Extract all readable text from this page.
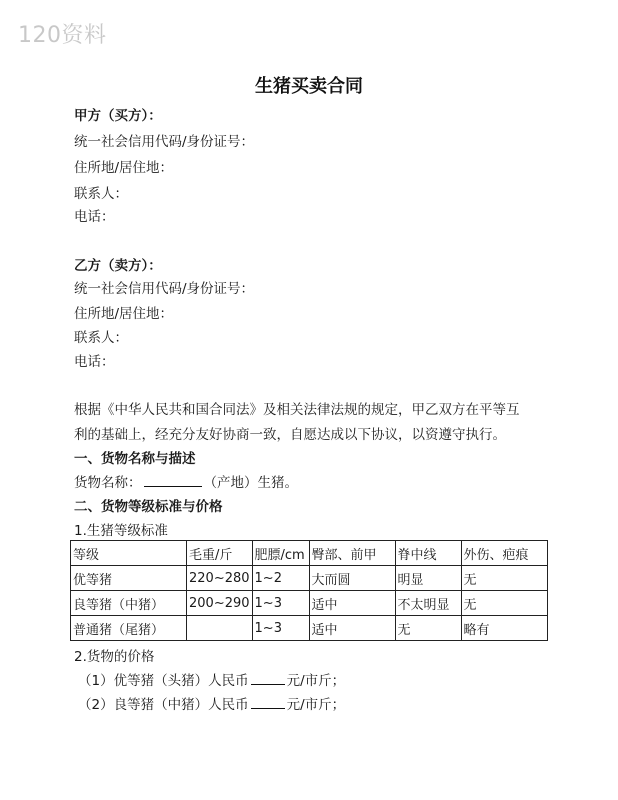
120资料
生猪买卖合同
甲方（买方）：
统一社会信用代码/身份证号：
住所地/居住地：
联系人：
电话：
乙方（卖方）：
统一社会信用代码/身份证号：
住所地/居住地：
联系人：
电话：
根据《中华人民共和国合同法》及相关法律法规的规定，甲乙双方在平等互
利的基础上，经充分友好协商一致，自愿达成以下协议，以资遵守执行。
一、货物名称与描述
货物名称：	（产地）生猪。
二、货物等级标准与价格
1.生猪等级标准
等级	毛重/斤	肥膘/cm	臀部、前甲	脊中线	外伤、疤痕
优等猪	220~280	1~2	大而圆	明显	无
良等猪（中猪）	200~290	1~3	适中	不太明显	无
普通猪（尾猪）		1~3	适中	无	略有
2.货物的价格
（1）优等猪（头猪）人民币	元/市斤；
（2）良等猪（中猪）人民币	元/市斤；
